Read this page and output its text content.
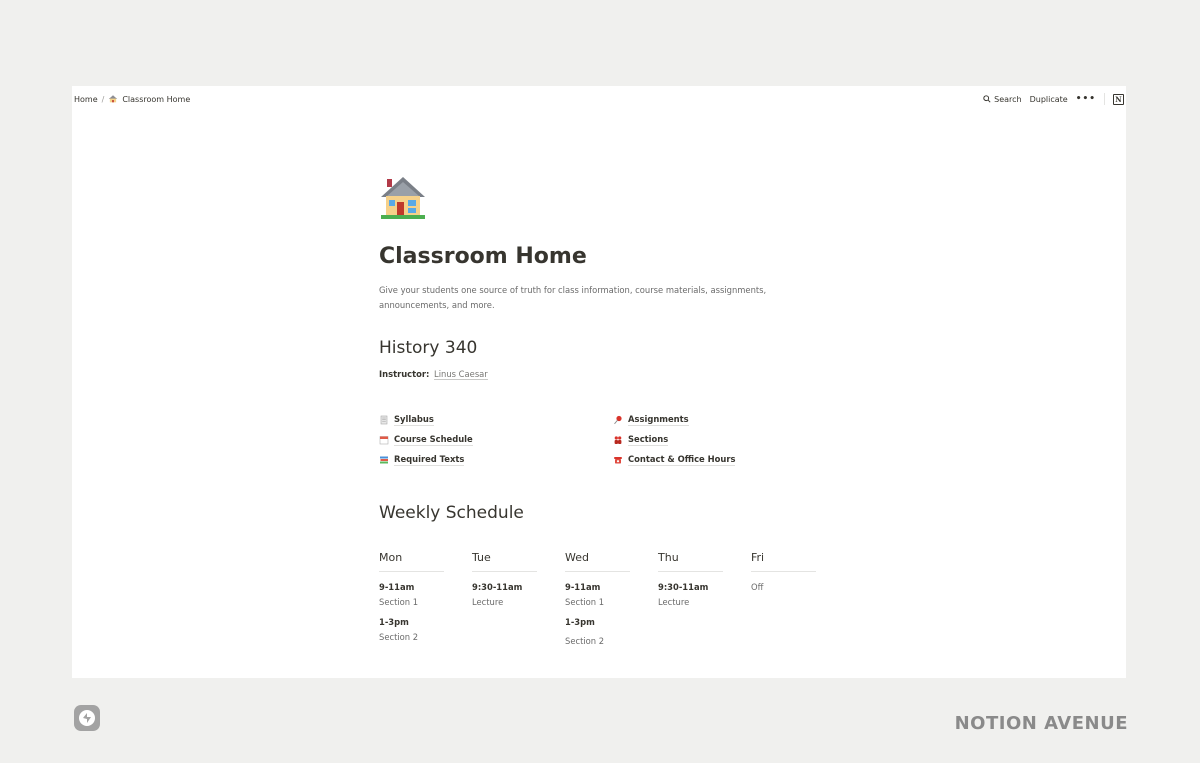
Home / Classroom Home	Search Duplicate •••	N
Classroom Home

Give your students one source of truth for class information, course materials, assignments, announcements, and more.

History 340
Instructor: Linus Caesar
Syllabus
Course Schedule
Required Texts
Assignments
Sections
Contact & Office Hours
Weekly Schedule
Mon
9-11am
Section 1
1-3pm
Section 2
Tue
9:30-11am
Lecture
Wed
9-11am
Section 1
1-3pm
Section 2
Thu
9:30-11am
Lecture
Fri
Off
NOTION AVENUE
